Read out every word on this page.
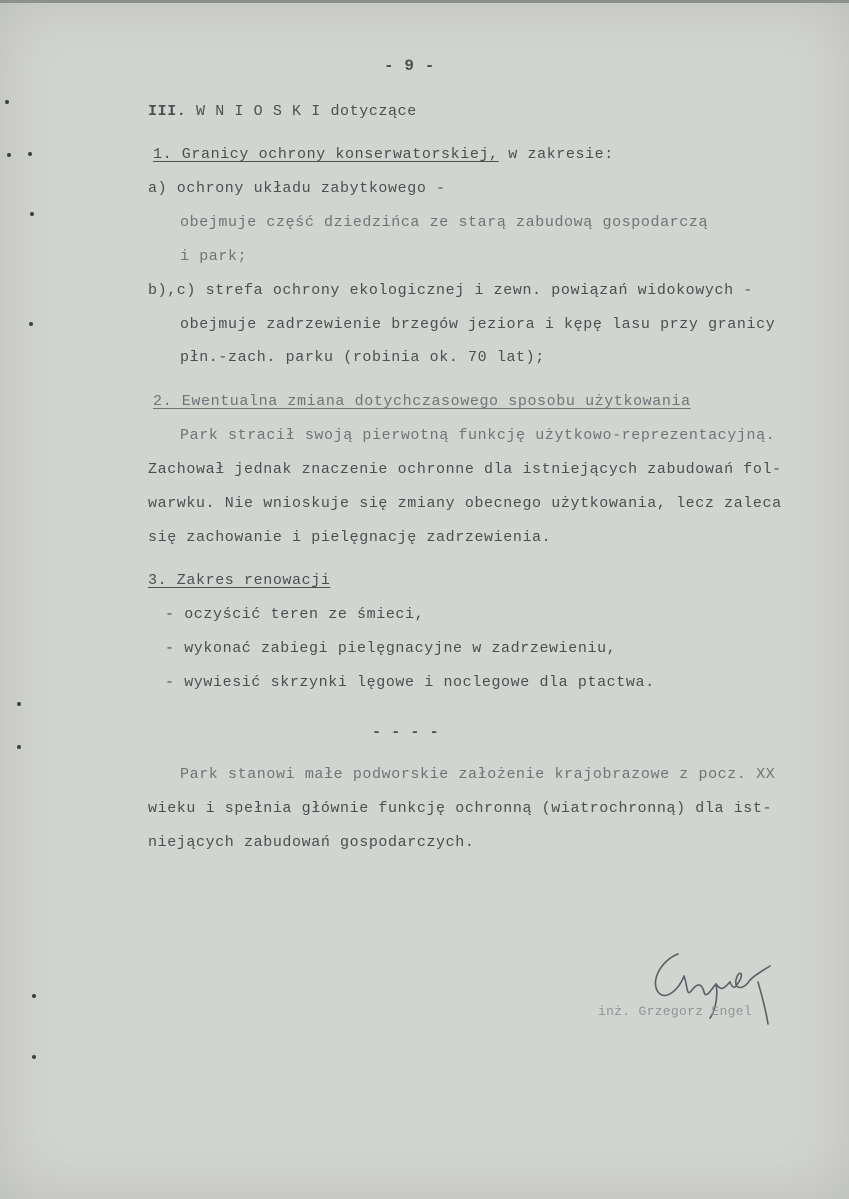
- 9 -
III. W N I O S K I dotyczące
1. Granicy ochrony konserwatorskiej, w zakresie:
a) ochrony układu zabytkowego -
obejmuje część dziedzińca ze starą zabudową gospodarczą
i park;
b),c) strefa ochrony ekologicznej i zewn. powiązań widokowych -
obejmuje zadrzewienie brzegów jeziora i kępę lasu przy granicy
płn.-zach. parku (robinia ok. 70 lat);
2. Ewentualna zmiana dotychczasowego sposobu użytkowania
Park stracił swoją pierwotną funkcję użytkowo-reprezentacyjną.
Zachował jednak znaczenie ochronne dla istniejących zabudowań fol-
warwku. Nie wnioskuje się zmiany obecnego użytkowania, lecz zaleca
się zachowanie i pielęgnację zadrzewienia.
3. Zakres renowacji
- oczyścić teren ze śmieci,
- wykonać zabiegi pielęgnacyjne w zadrzewieniu,
- wywiesić skrzynki lęgowe i noclegowe dla ptactwa.
- - - -
Park stanowi małe podworskie założenie krajobrazowe z pocz. XX
wieku i spełnia głównie funkcję ochronną (wiatrochronną) dla ist-
niejących zabudowań gospodarczych.
inż. Grzegorz Engel
